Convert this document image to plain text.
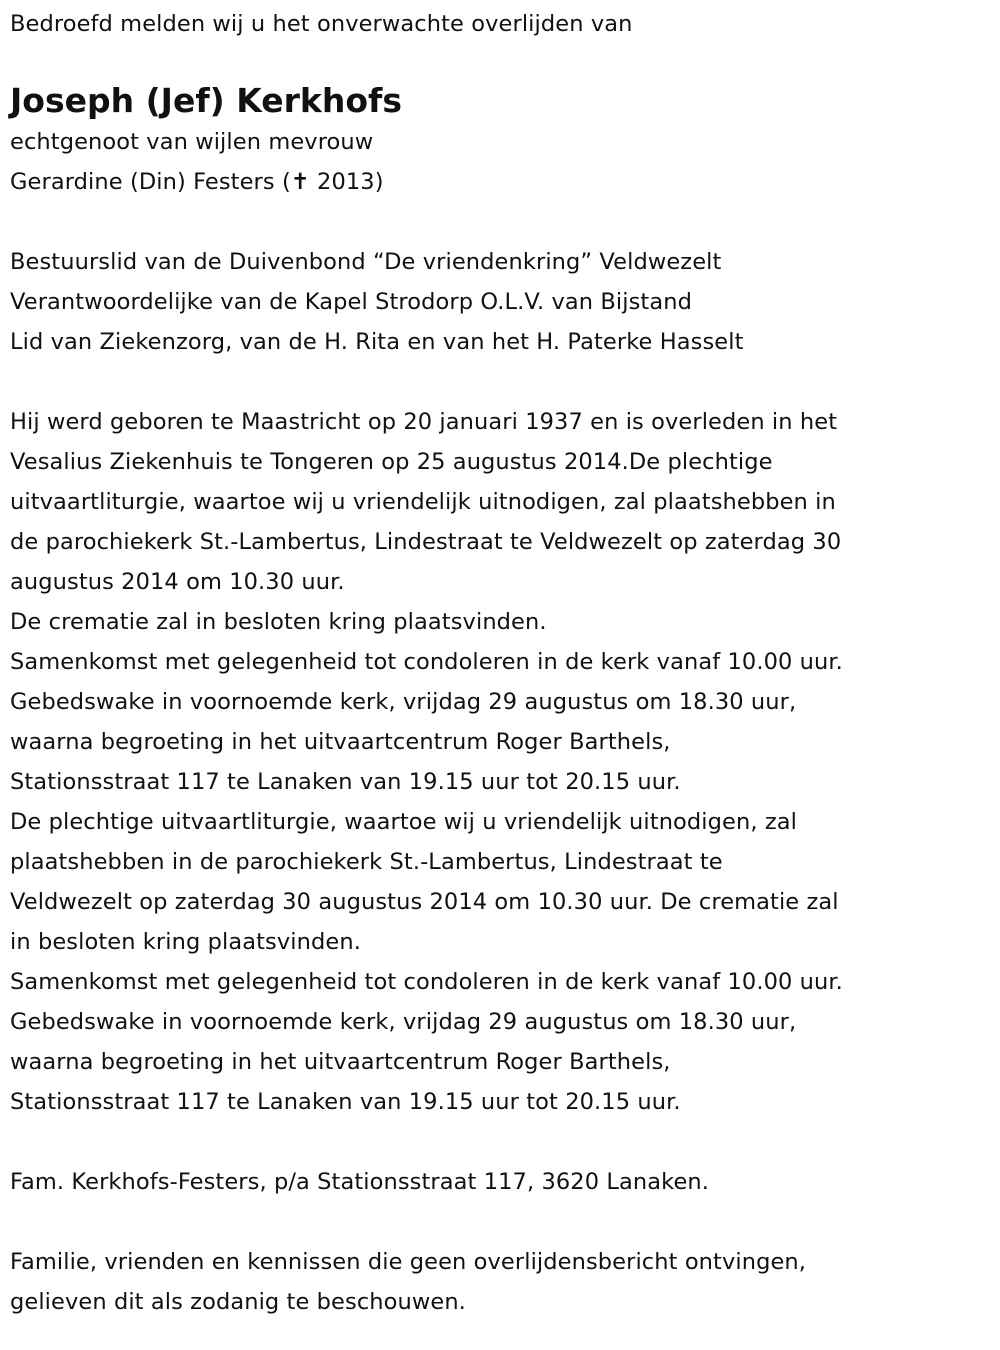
Bedroefd melden wij u het onverwachte overlijden van
Joseph (Jef) Kerkhofs
echtgenoot van wijlen mevrouw
Gerardine (Din) Festers (✝ 2013)
Bestuurslid van de Duivenbond “De vriendenkring” Veldwezelt
Verantwoordelijke van de Kapel Strodorp O.L.V. van Bijstand
Lid van Ziekenzorg, van de H. Rita en van het H. Paterke Hasselt
Hij werd geboren te Maastricht op 20 januari 1937 en is overleden in het
Vesalius Ziekenhuis te Tongeren op 25 augustus 2014.De plechtige
uitvaartliturgie, waartoe wij u vriendelijk uitnodigen, zal plaatshebben in
de parochiekerk St.-Lambertus, Lindestraat te Veldwezelt op zaterdag 30
augustus 2014 om 10.30 uur.
De crematie zal in besloten kring plaatsvinden.
Samenkomst met gelegenheid tot condoleren in de kerk vanaf 10.00 uur.
Gebedswake in voornoemde kerk, vrijdag 29 augustus om 18.30 uur,
waarna begroeting in het uitvaartcentrum Roger Barthels,
Stationsstraat 117 te Lanaken van 19.15 uur tot 20.15 uur.
De plechtige uitvaartliturgie, waartoe wij u vriendelijk uitnodigen, zal
plaatshebben in de parochiekerk St.-Lambertus, Lindestraat te
Veldwezelt op zaterdag 30 augustus 2014 om 10.30 uur. De crematie zal
in besloten kring plaatsvinden.
Samenkomst met gelegenheid tot condoleren in de kerk vanaf 10.00 uur.
Gebedswake in voornoemde kerk, vrijdag 29 augustus om 18.30 uur,
waarna begroeting in het uitvaartcentrum Roger Barthels,
Stationsstraat 117 te Lanaken van 19.15 uur tot 20.15 uur.
Fam. Kerkhofs-Festers, p/a Stationsstraat 117, 3620 Lanaken.
Familie, vrienden en kennissen die geen overlijdensbericht ontvingen,
gelieven dit als zodanig te beschouwen.
